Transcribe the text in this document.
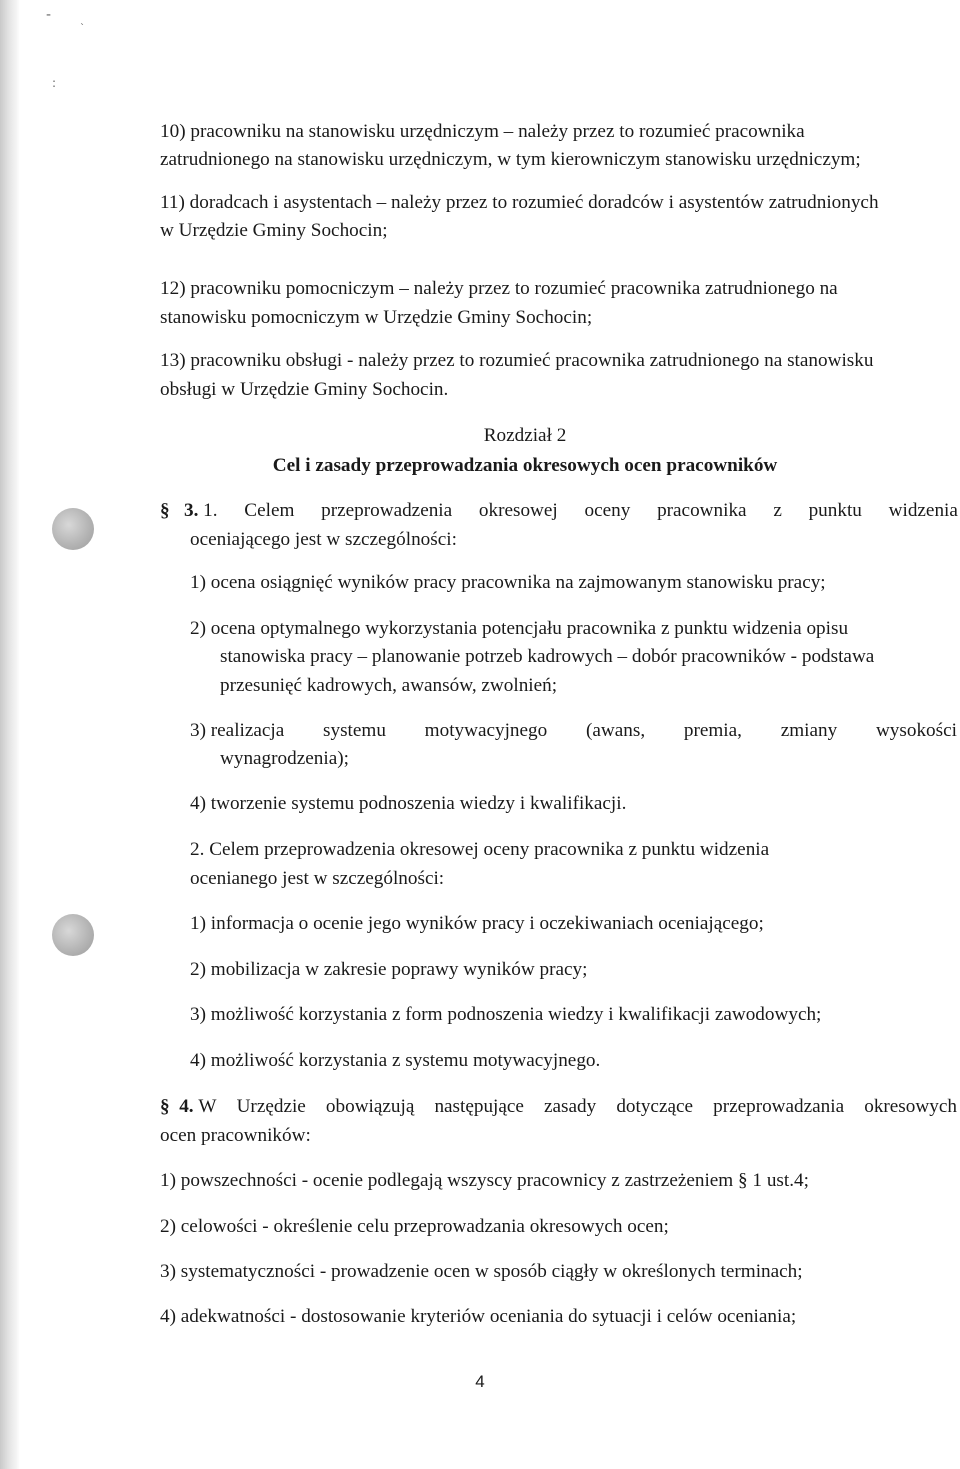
-
`
:

10) pracowniku na stanowisku urzędniczym – należy przez to rozumieć pracownika

zatrudnionego na stanowisku urzędniczym, w tym kierowniczym stanowisku urzędniczym;

11) doradcach i asystentach – należy przez to rozumieć doradców i asystentów zatrudnionych

w Urzędzie Gminy Sochocin;

12) pracowniku pomocniczym – należy przez to rozumieć pracownika zatrudnionego na

stanowisku pomocniczym w Urzędzie Gminy Sochocin;

13) pracowniku obsługi - należy przez to rozumieć pracownika zatrudnionego na stanowisku

obsługi w Urzędzie Gminy Sochocin.

Rozdział 2

Cel i zasady przeprowadzania okresowych ocen pracowników

§ 3. 1. Celem przeprowadzenia okresowej oceny pracownika z punktu widzenia

oceniającego jest w szczególności:

1) ocena osiągnięć wyników pracy pracownika na zajmowanym stanowisku pracy;

2) ocena optymalnego wykorzystania potencjału pracownika z punktu widzenia opisu

stanowiska pracy – planowanie potrzeb kadrowych – dobór pracowników - podstawa

przesunięć kadrowych, awansów, zwolnień;

3) realizacja systemu motywacyjnego (awans, premia, zmiany wysokości

wynagrodzenia);

4) tworzenie systemu podnoszenia wiedzy i kwalifikacji.

2. Celem przeprowadzenia okresowej oceny pracownika z punktu widzenia

ocenianego jest w szczególności:

1) informacja o ocenie jego wyników pracy i oczekiwaniach oceniającego;

2) mobilizacja w zakresie poprawy wyników pracy;

3) możliwość korzystania z form podnoszenia wiedzy i kwalifikacji zawodowych;

4) możliwość korzystania z systemu motywacyjnego.

§ 4. W Urzędzie obowiązują następujące zasady dotyczące przeprowadzania okresowych

ocen pracowników:

1) powszechności - ocenie podlegają wszyscy pracownicy z zastrzeżeniem § 1 ust.4;

2) celowości - określenie celu przeprowadzania okresowych ocen;

3) systematyczności - prowadzenie ocen w sposób ciągły w określonych terminach;

4) adekwatności - dostosowanie kryteriów oceniania do sytuacji i celów oceniania;

4
